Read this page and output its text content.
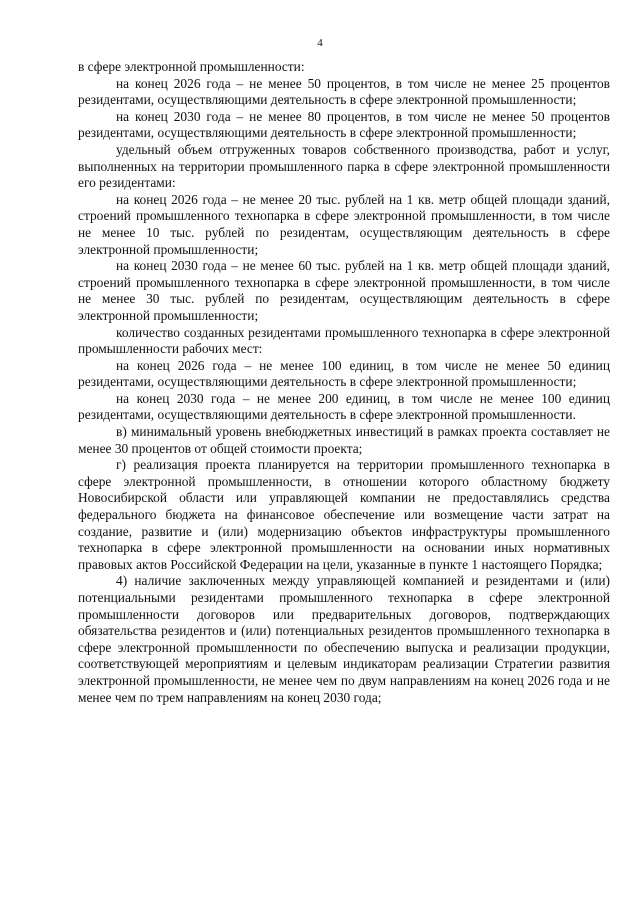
4

в сфере электронной промышленности:

на конец 2026 года – не менее 50 процентов, в том числе не менее 25 процентов резидентами, осуществляющими деятельность в сфере электронной промышленности;

на конец 2030 года – не менее 80 процентов, в том числе не менее 50 процентов резидентами, осуществляющими деятельность в сфере электронной промышленности;

удельный объем отгруженных товаров собственного производства, работ и услуг, выполненных на территории промышленного парка в сфере электронной промышленности его резидентами:

на конец 2026 года – не менее 20 тыс. рублей на 1 кв. метр общей площади зданий, строений промышленного технопарка в сфере электронной промышленности, в том числе не менее 10 тыс. рублей по резидентам, осуществляющим деятельность в сфере электронной промышленности;

на конец 2030 года – не менее 60 тыс. рублей на 1 кв. метр общей площади зданий, строений промышленного технопарка в сфере электронной промышленности, в том числе не менее 30 тыс. рублей по резидентам, осуществляющим деятельность в сфере электронной промышленности;

количество созданных резидентами промышленного технопарка в сфере электронной промышленности рабочих мест:

на конец 2026 года – не менее 100 единиц, в том числе не менее 50 единиц резидентами, осуществляющими деятельность в сфере электронной промышленности;

на конец 2030 года – не менее 200 единиц, в том числе не менее 100 единиц резидентами, осуществляющими деятельность в сфере электронной промышленности.

в) минимальный уровень внебюджетных инвестиций в рамках проекта составляет не менее 30 процентов от общей стоимости проекта;

г) реализация проекта планируется на территории промышленного технопарка в сфере электронной промышленности, в отношении которого областному бюджету Новосибирской области или управляющей компании не предоставлялись средства федерального бюджета на финансовое обеспечение или возмещение части затрат на создание, развитие и (или) модернизацию объектов инфраструктуры промышленного технопарка в сфере электронной промышленности на основании иных нормативных правовых актов Российской Федерации на цели, указанные в пункте 1 настоящего Порядка;

4) наличие заключенных между управляющей компанией и резидентами и (или) потенциальными резидентами промышленного технопарка в сфере электронной промышленности договоров или предварительных договоров, подтверждающих обязательства резидентов и (или) потенциальных резидентов промышленного технопарка в сфере электронной промышленности по обеспечению выпуска и реализации продукции, соответствующей мероприятиям и целевым индикаторам реализации Стратегии развития электронной промышленности, не менее чем по двум направлениям на конец 2026 года и не менее чем по трем направлениям на конец 2030 года;
